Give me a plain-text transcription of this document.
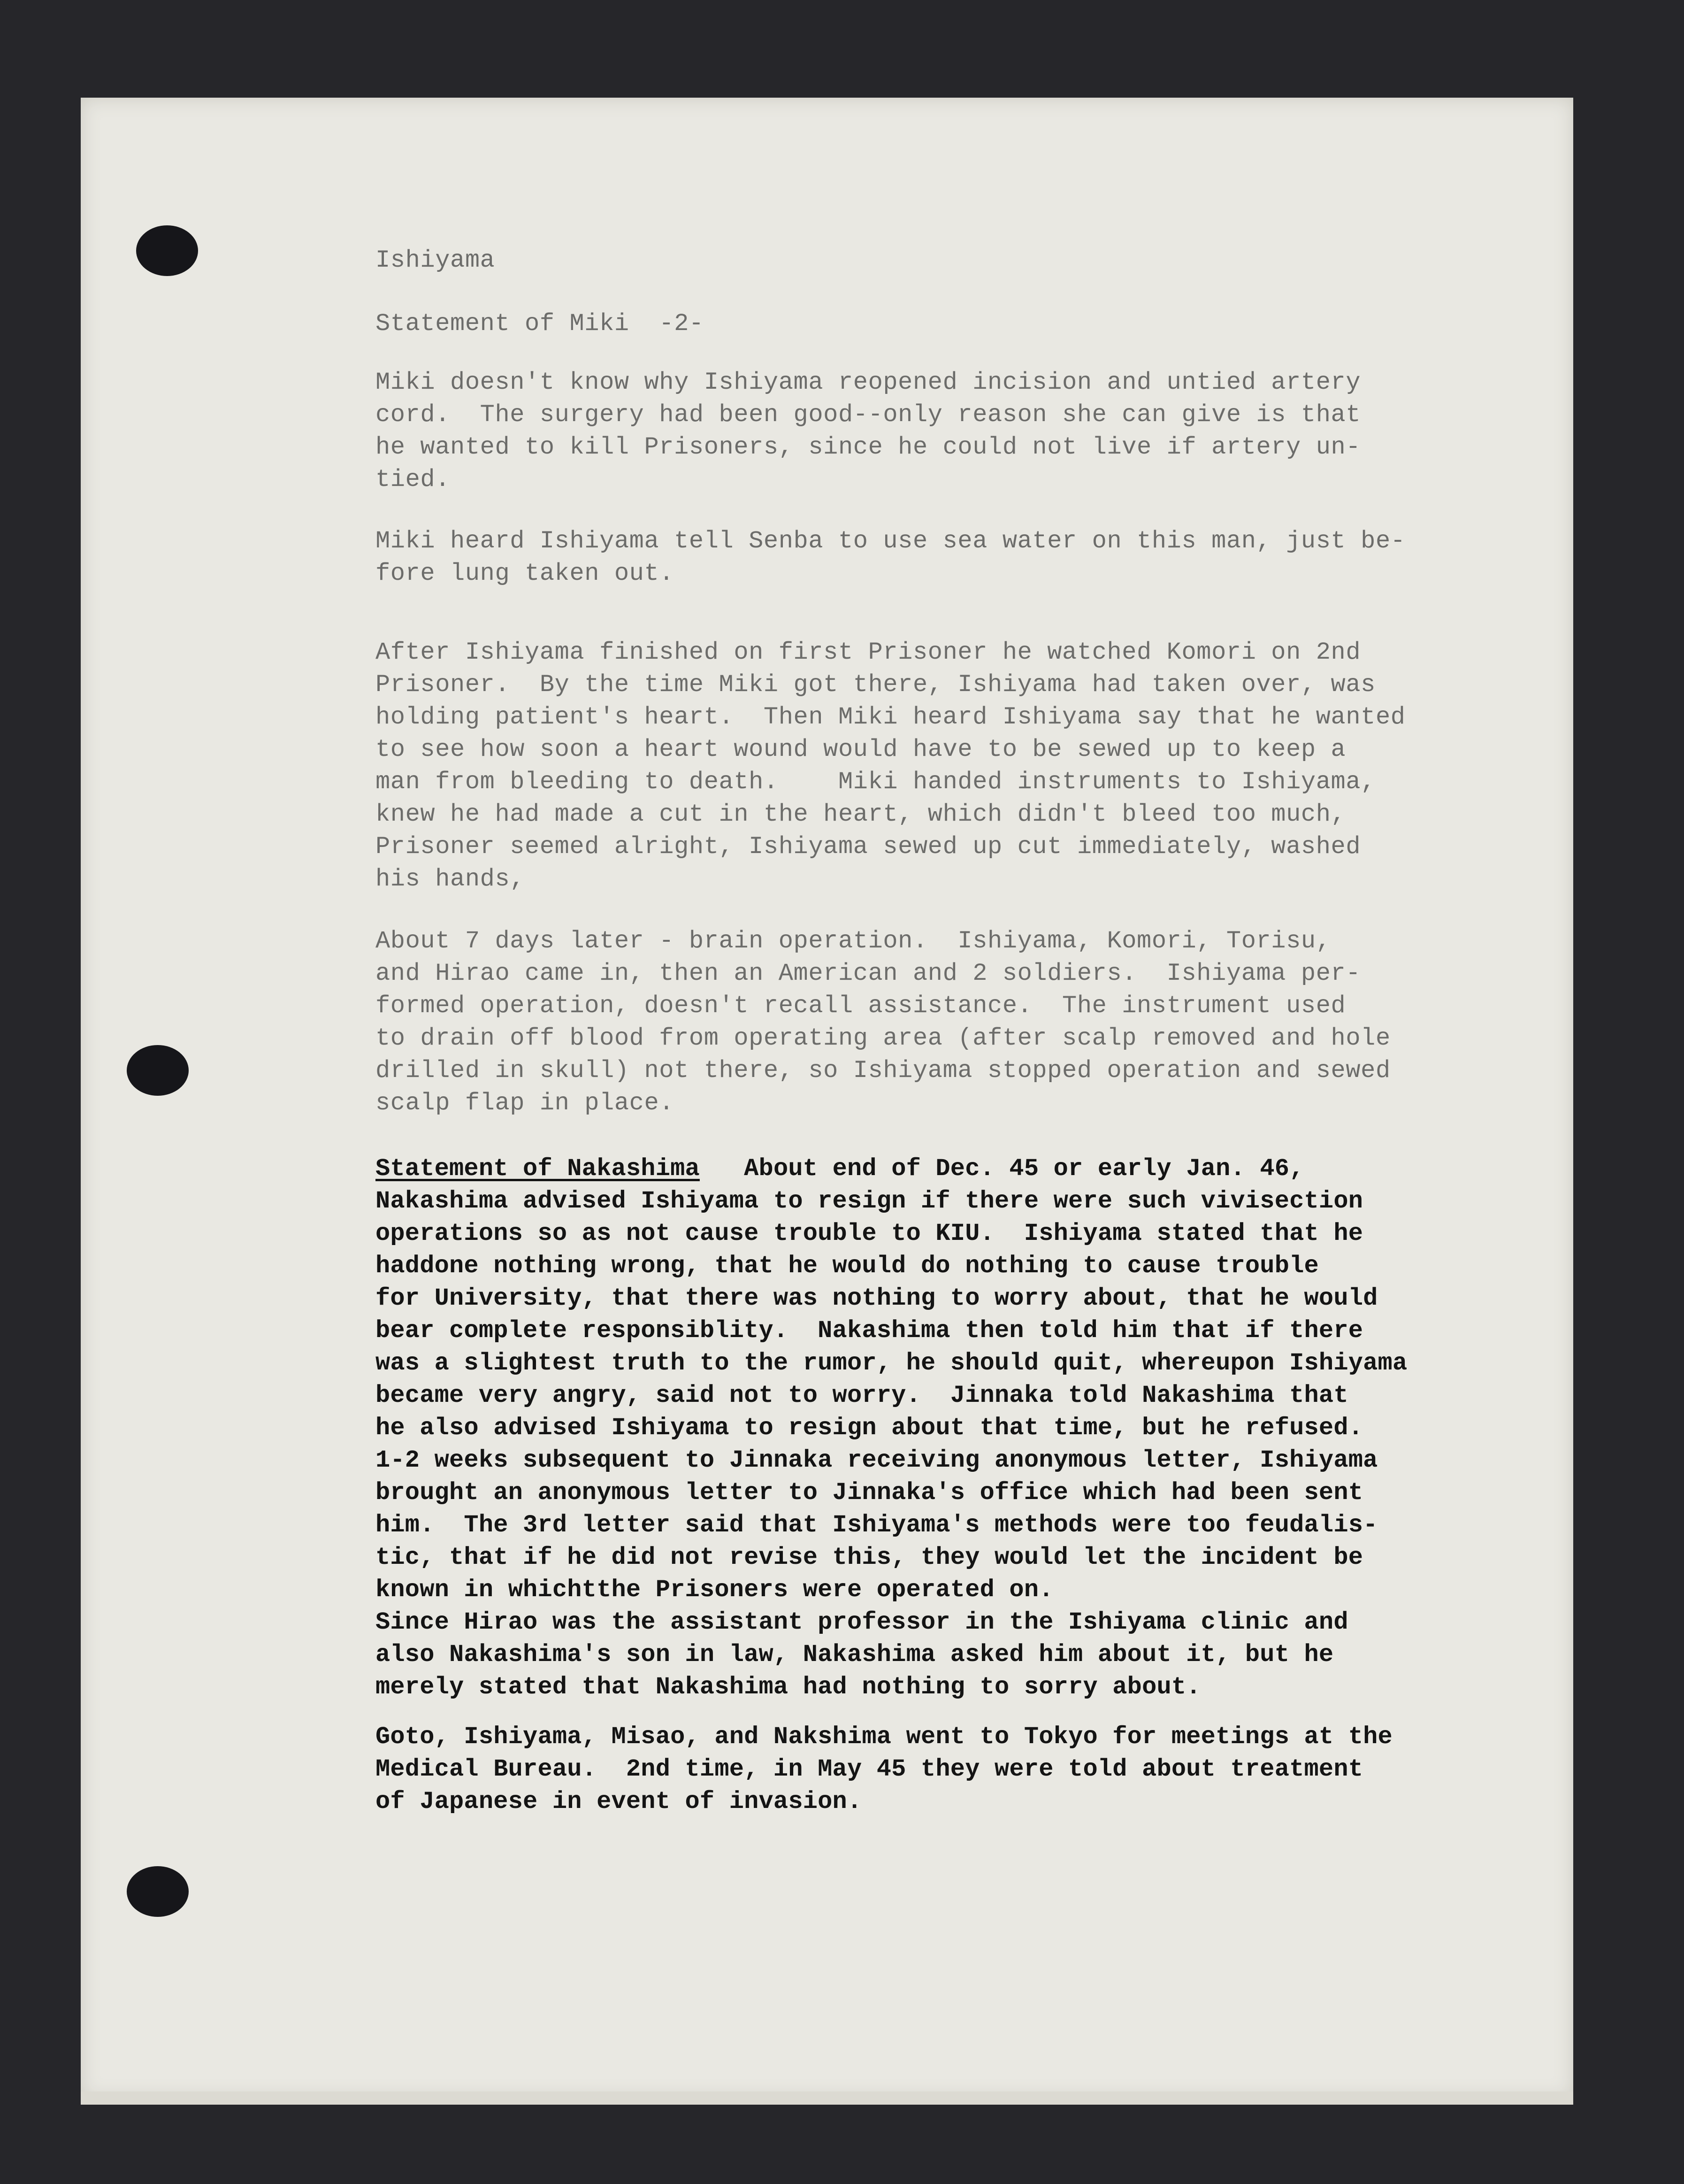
Ishiyama

Statement of Miki  -2-

Miki doesn't know why Ishiyama reopened incision and untied artery
cord.  The surgery had been good--only reason she can give is that
he wanted to kill Prisoners, since he could not live if artery un-
tied.

Miki heard Ishiyama tell Senba to use sea water on this man, just be-
fore lung taken out.

After Ishiyama finished on first Prisoner he watched Komori on 2nd
Prisoner.  By the time Miki got there, Ishiyama had taken over, was
holding patient's heart.  Then Miki heard Ishiyama say that he wanted
to see how soon a heart wound would have to be sewed up to keep a
man from bleeding to death.    Miki handed instruments to Ishiyama,
knew he had made a cut in the heart, which didn't bleed too much,
Prisoner seemed alright, Ishiyama sewed up cut immediately, washed
his hands,

About 7 days later - brain operation.  Ishiyama, Komori, Torisu,
and Hirao came in, then an American and 2 soldiers.  Ishiyama per-
formed operation, doesn't recall assistance.  The instrument used
to drain off blood from operating area (after scalp removed and hole
drilled in skull) not there, so Ishiyama stopped operation and sewed
scalp flap in place.

Statement of Nakashima   About end of Dec. 45 or early Jan. 46,

Nakashima advised Ishiyama to resign if there were such vivisection
operations so as not cause trouble to KIU.  Ishiyama stated that he
haddone nothing wrong, that he would do nothing to cause trouble
for University, that there was nothing to worry about, that he would
bear complete responsiblity.  Nakashima then told him that if there
was a slightest truth to the rumor, he should quit, whereupon Ishiyama
became very angry, said not to worry.  Jinnaka told Nakashima that
he also advised Ishiyama to resign about that time, but he refused.
1-2 weeks subsequent to Jinnaka receiving anonymous letter, Ishiyama
brought an anonymous letter to Jinnaka's office which had been sent
him.  The 3rd letter said that Ishiyama's methods were too feudalis-
tic, that if he did not revise this, they would let the incident be
known in whichtthe Prisoners were operated on.
Since Hirao was the assistant professor in the Ishiyama clinic and
also Nakashima's son in law, Nakashima asked him about it, but he
merely stated that Nakashima had nothing to sorry about.

Goto, Ishiyama, Misao, and Nakshima went to Tokyo for meetings at the
Medical Bureau.  2nd time, in May 45 they were told about treatment
of Japanese in event of invasion.
